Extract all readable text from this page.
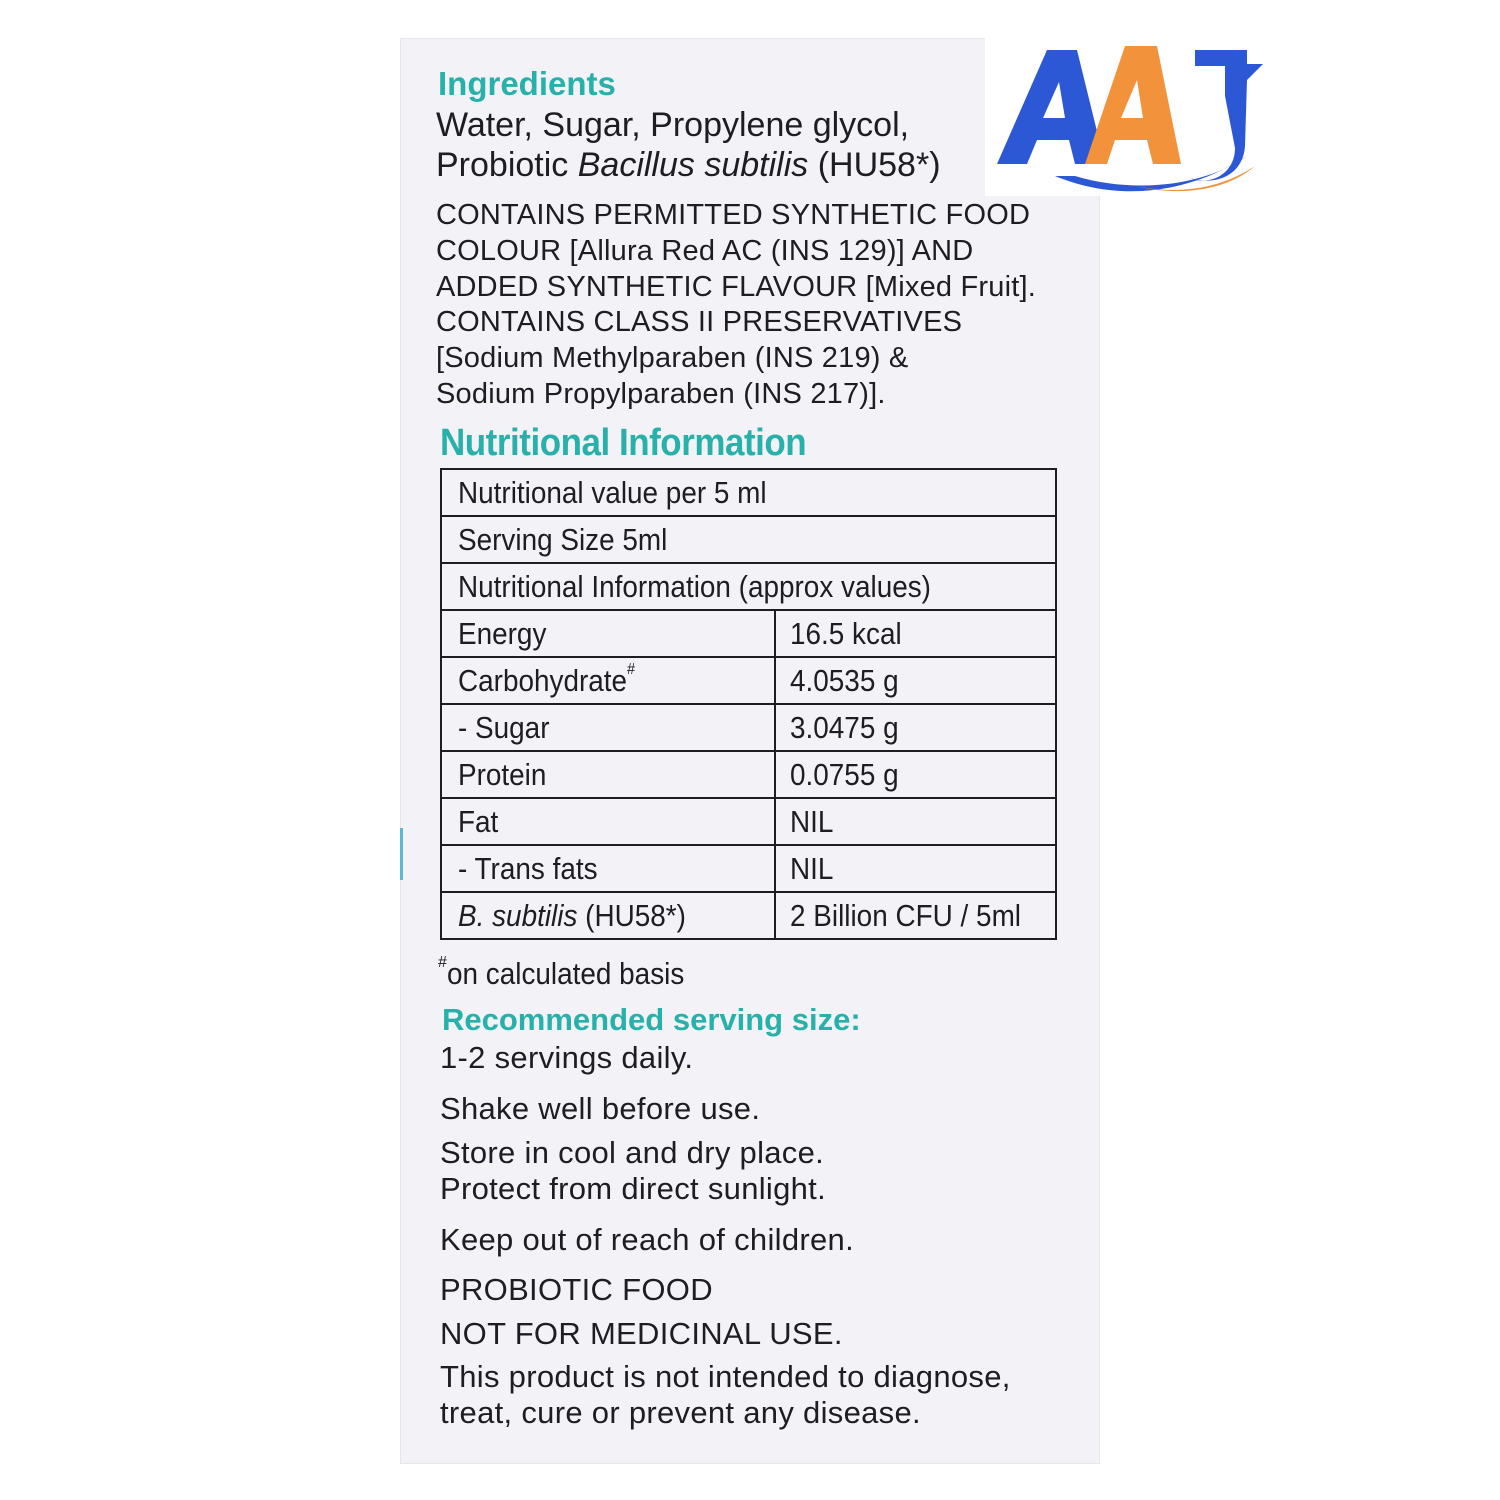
Ingredients
Water, Sugar, Propylene glycol,
Probiotic Bacillus subtilis (HU58*)
CONTAINS PERMITTED SYNTHETIC FOOD
COLOUR [Allura Red AC (INS 129)] AND
ADDED SYNTHETIC FLAVOUR [Mixed Fruit].
CONTAINS CLASS II PRESERVATIVES
[Sodium Methylparaben (INS 219) &
Sodium Propylparaben (INS 217)].
Nutritional Information
Nutritional value per 5 ml	
Serving Size 5ml	
Nutritional Information (approx values)	
Energy	16.5 kcal
Carbohydrate#	4.0535 g
- Sugar	3.0475 g
Protein	0.0755 g
Fat	NIL
- Trans fats	NIL
B. subtilis (HU58*)	2 Billion CFU / 5ml
#on calculated basis
Recommended serving size:
1-2 servings daily.
Shake well before use.
Store in cool and dry place.
Protect from direct sunlight.
Keep out of reach of children.
PROBIOTIC FOOD
NOT FOR MEDICINAL USE.
This product is not intended to diagnose,
treat, cure or prevent any disease.
